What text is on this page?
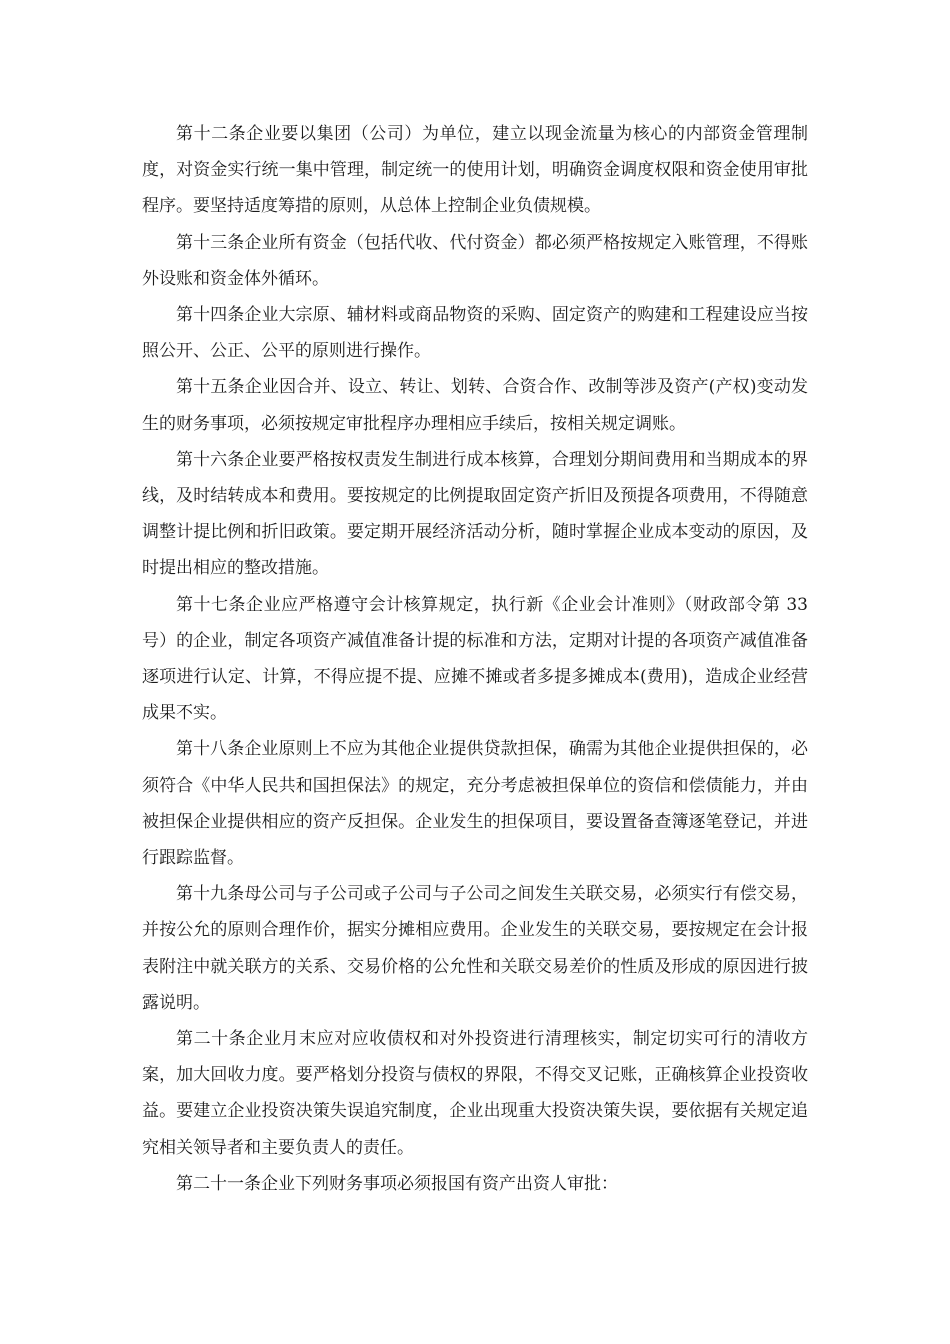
第十二条企业要以集团（公司）为单位，建立以现金流量为核心的内部资金管理制度，对资金实行统一集中管理，制定统一的使用计划，明确资金调度权限和资金使用审批程序。要坚持适度筹措的原则，从总体上控制企业负债规模。

第十三条企业所有资金（包括代收、代付资金）都必须严格按规定入账管理，不得账外设账和资金体外循环。

第十四条企业大宗原、辅材料或商品物资的采购、固定资产的购建和工程建设应当按照公开、公正、公平的原则进行操作。

第十五条企业因合并、设立、转让、划转、合资合作、改制等涉及资产(产权)变动发生的财务事项，必须按规定审批程序办理相应手续后，按相关规定调账。

第十六条企业要严格按权责发生制进行成本核算，合理划分期间费用和当期成本的界线，及时结转成本和费用。要按规定的比例提取固定资产折旧及预提各项费用，不得随意调整计提比例和折旧政策。要定期开展经济活动分析，随时掌握企业成本变动的原因，及时提出相应的整改措施。

第十七条企业应严格遵守会计核算规定，执行新《企业会计准则》（财政部令第 33 号）的企业，制定各项资产减值准备计提的标准和方法，定期对计提的各项资产减值准备逐项进行认定、计算，不得应提不提、应摊不摊或者多提多摊成本(费用)，造成企业经营成果不实。

第十八条企业原则上不应为其他企业提供贷款担保，确需为其他企业提供担保的，必须符合《中华人民共和国担保法》的规定，充分考虑被担保单位的资信和偿债能力，并由被担保企业提供相应的资产反担保。企业发生的担保项目，要设置备查簿逐笔登记，并进行跟踪监督。

第十九条母公司与子公司或子公司与子公司之间发生关联交易，必须实行有偿交易，并按公允的原则合理作价，据实分摊相应费用。企业发生的关联交易，要按规定在会计报表附注中就关联方的关系、交易价格的公允性和关联交易差价的性质及形成的原因进行披露说明。

第二十条企业月末应对应收债权和对外投资进行清理核实，制定切实可行的清收方案，加大回收力度。要严格划分投资与债权的界限，不得交叉记账，正确核算企业投资收益。要建立企业投资决策失误追究制度，企业出现重大投资决策失误，要依据有关规定追究相关领导者和主要负责人的责任。

第二十一条企业下列财务事项必须报国有资产出资人审批：
